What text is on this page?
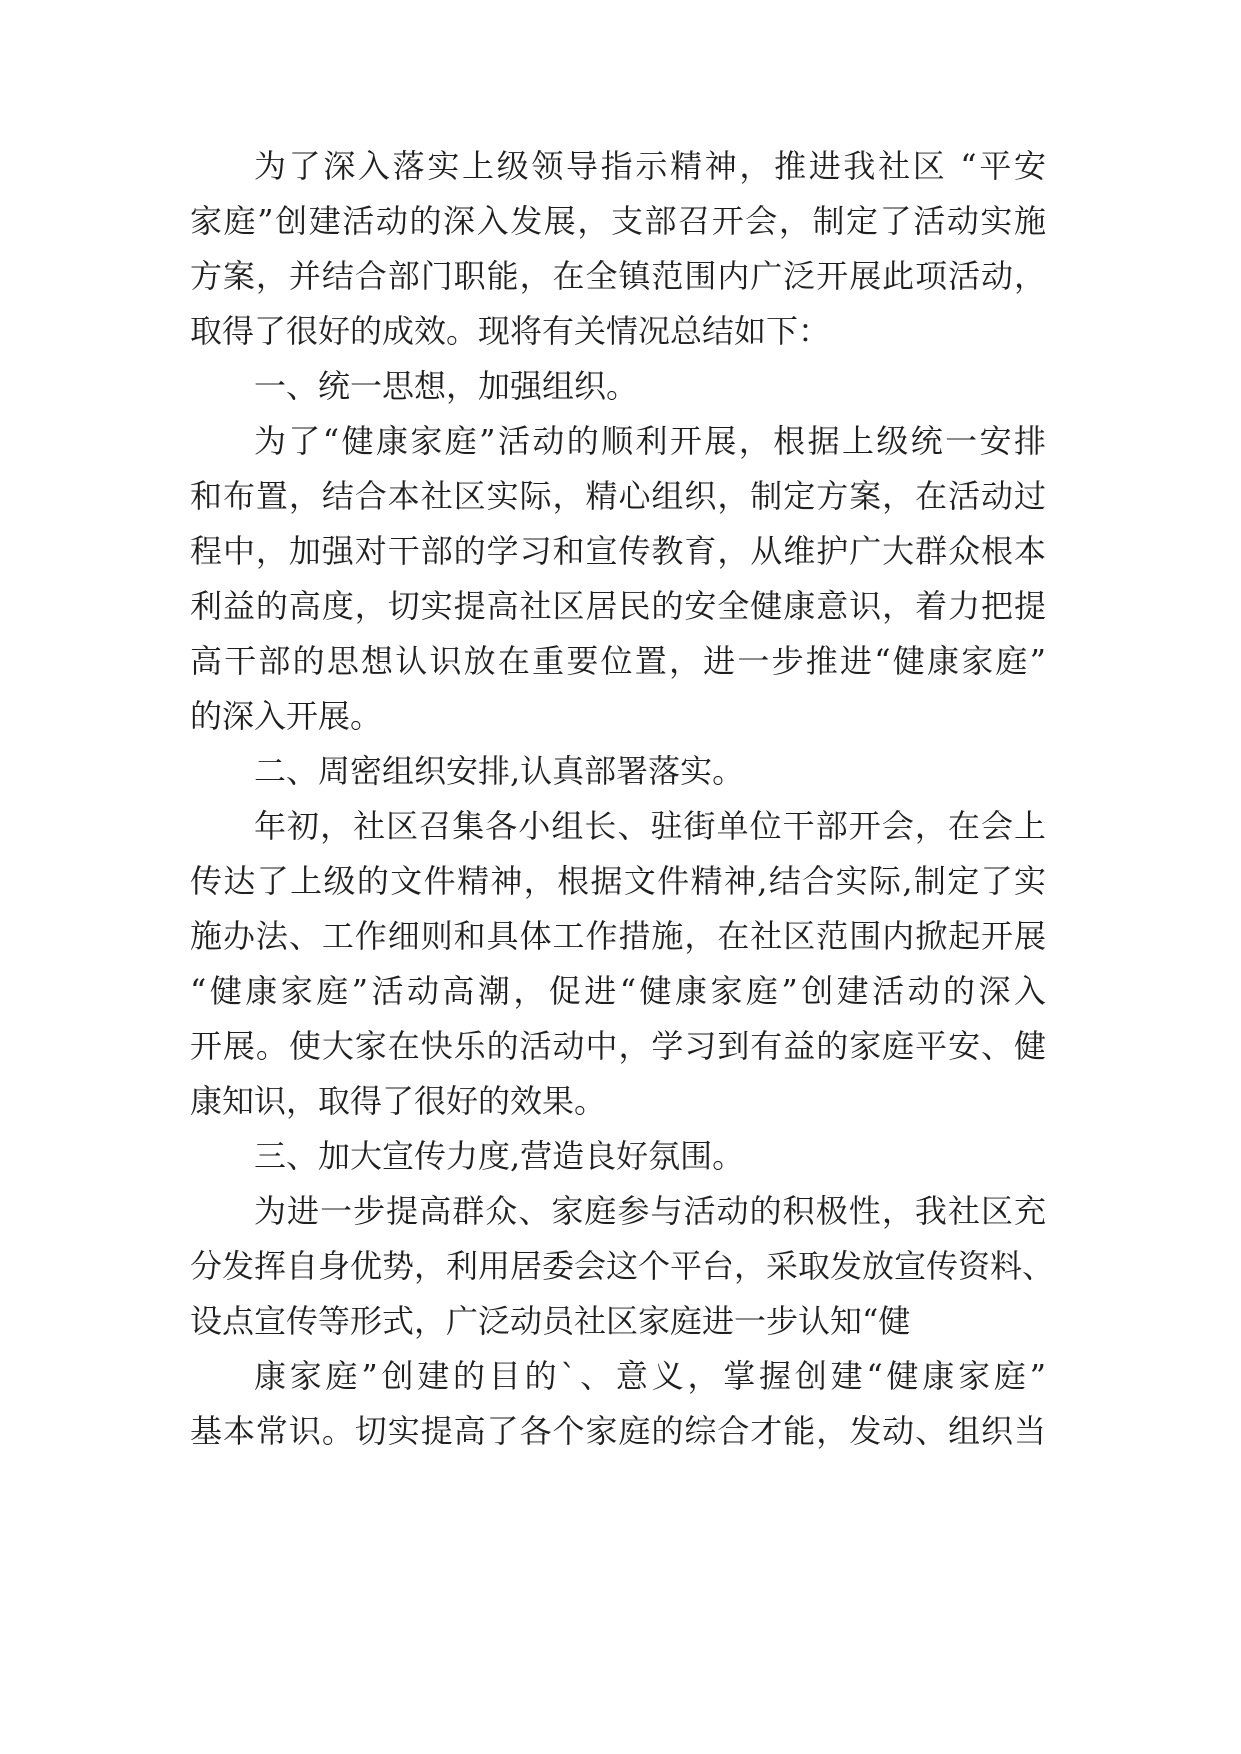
为了深入落实上级领导指示精神，推进我社区 “平安
家庭”创建活动的深入发展，支部召开会，制定了活动实施
方案，并结合部门职能，在全镇范围内广泛开展此项活动，
取得了很好的成效。现将有关情况总结如下：
一、统一思想，加强组织。
为了“健康家庭”活动的顺利开展，根据上级统一安排
和布置，结合本社区实际，精心组织，制定方案，在活动过
程中，加强对干部的学习和宣传教育，从维护广大群众根本
利益的高度，切实提高社区居民的安全健康意识，着力把提
高干部的思想认识放在重要位置，进一步推进“健康家庭”
的深入开展。
二、周密组织安排,认真部署落实。
年初，社区召集各小组长、驻街单位干部开会，在会上
传达了上级的文件精神，根据文件精神,结合实际,制定了实
施办法、工作细则和具体工作措施，在社区范围内掀起开展
“健康家庭”活动高潮，促进“健康家庭”创建活动的深入
开展。使大家在快乐的活动中，学习到有益的家庭平安、健
康知识，取得了很好的效果。
三、加大宣传力度,营造良好氛围。
为进一步提高群众、家庭参与活动的积极性，我社区充
分发挥自身优势，利用居委会这个平台，采取发放宣传资料、
设点宣传等形式，广泛动员社区家庭进一步认知“健
康家庭”创建的目的`、意义，掌握创建“健康家庭”
基本常识。切实提高了各个家庭的综合才能，发动、组织当
